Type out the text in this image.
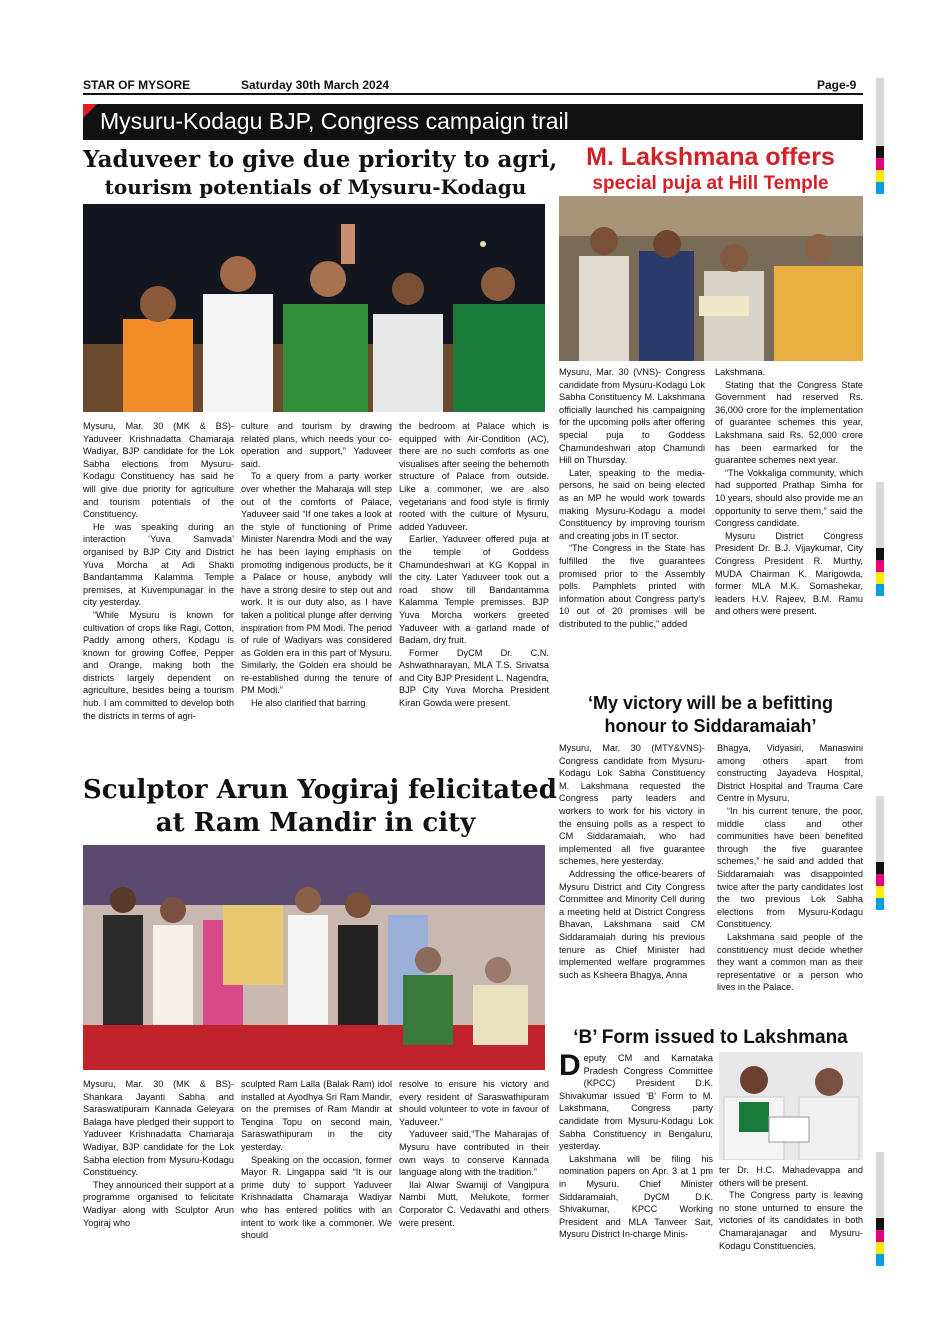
STAR OF MYSORE	Saturday 30th March 2024	Page-9
Mysuru-Kodagu BJP, Congress campaign trail
Yaduveer to give due priority to agri,
tourism potentials of Mysuru-Kodagu

Mysuru, Mar. 30 (MK & BS)- Yaduveer Krishnadatta Chamaraja Wadiyar, BJP candidate for the Lok Sabha elections from Mysuru-Kodagu Constituency has said he will give due priority for agriculture and tourism potentials of the Constituency.

He was speaking during an interaction ‘Yuva Samvada’ organised by BJP City and District Yuva Morcha at Adi Shakti Bandantamma Kalamma Temple premises, at Kuvempunagar in the city yesterday.

“While Mysuru is known for cultivation of crops like Ragi, Cotton, Paddy among others, Kodagu is known for growing Coffee, Pepper and Orange, making both the districts largely dependent on agriculture, besides being a tourism hub. I am committed to develop both the districts in terms of agri-

culture and tourism by drawing related plans, which needs your co-operation and support,” Yaduveer said.

To a query from a party worker over whether the Maharaja will step out of the comforts of Palace, Yaduveer said “If one takes a look at the style of functioning of Prime Minister Narendra Modi and the way he has been laying emphasis on promoting indigenous products, be it a Palace or house, anybody will have a strong desire to step out and work. It is our duty also, as I have taken a political plunge after deriving inspiration from PM Modi. The period of rule of Wadiyars was considered as Golden era in this part of Mysuru. Similarly, the Golden era should be re-established during the tenure of PM Modi.”

He also clarified that barring

the bedroom at Palace which is equipped with Air-Condition (AC), there are no such comforts as one visualises after seeing the behemoth structure of Palace from outside. Like a commoner, we are also vegetarians and food style is firmly rooted with the culture of Mysuru, added Yaduveer.

Earlier, Yaduveer offered puja at the temple of Goddess Chamundeshwari at KG Koppal in the city. Later Yaduveer took out a road show till Bandantamma Kalamma Temple premisses. BJP Yuva Morcha workers greeted Yaduveer with a garland made of Badam, dry fruit.

Former DyCM Dr. C.N. Ashwathnarayan, MLA T.S. Srivatsa and City BJP President L. Nagendra, BJP City Yuva Morcha President Kiran Gowda were present.

M. Lakshmana offers
special puja at Hill Temple

Mysuru, Mar. 30 (VNS)- Congress candidate from Mysuru-Kodagu Lok Sabha Constituency M. Lakshmana officially launched his campaigning for the upcoming polls after offering special puja to Goddess Chamundeshwari atop Chamundi Hill on Thursday.

Later, speaking to the media-persons, he said on being elected as an MP he would work towards making Mysuru-Kodagu a model Constituency by improving tourism and creating jobs in IT sector.

“The Congress in the State has fulfilled the five guarantees promised prior to the Assembly polls. Pamphlets printed with information about Congress party’s 10 out of 20 promises will be distributed to the public,” added

Lakshmana.

Stating that the Congress State Government had reserved Rs. 36,000 crore for the implementation of guarantee schemes this year, Lakshmana said Rs. 52,000 crore has been earmarked for the guarantee schemes next year.

“The Vokkaliga community, which had supported Prathap Simha for 10 years, should also provide me an opportunity to serve them,” said the Congress candidate.

Mysuru District Congress President Dr. B.J. Vijaykumar, City Congress President R. Murthy, MUDA Chairman K. Marigowda, former MLA M.K. Somashekar, leaders H.V. Rajeev, B.M. Ramu and others were present.

‘My victory will be a befitting
honour to Siddaramaiah’

Mysuru, Mar. 30 (MTY&VNS)- Congress candidate from Mysuru-Kodagu Lok Sabha Constituency M. Lakshmana requested the Congress party leaders and workers to work for his victory in the ensuing polls as a respect to CM Siddaramaiah, who had implemented all five guarantee schemes, here yesterday.

Addressing the office-bearers of Mysuru District and City Congress Committee and Minority Cell during a meeting held at District Congress Bhavan, Lakshmana said CM Siddaramaiah during his previous tenure as Chief Minister had implemented welfare programmes such as Ksheera Bhagya, Anna

Bhagya, Vidyasiri, Manaswini among others apart from constructing Jayadeva Hospital, District Hospital and Trauma Care Centre in Mysuru.

“In his current tenure, the poor, middle class and other communities have been benefited through the five guarantee schemes,” he said and added that Siddaramaiah was disappointed twice after the party candidates lost the two previous Lok Sabha elections from Mysuru-Kodagu Constituency.

Lakshmana said people of the constituency must decide whether they want a common man as their representative or a person who lives in the Palace.

Sculptor Arun Yogiraj felicitated
at Ram Mandir in city

Mysuru, Mar. 30 (MK & BS)- Shankara Jayanti Sabha and Saraswatipuram Kannada Geleyara Balaga have pledged their support to Yaduveer Krishnadatta Chamaraja Wadiyar, BJP candidate for the Lok Sabha election from Mysuru-Kodagu Constituency.

They announced their support at a programme organised to felicitate Wadiyar along with Sculptor Arun Yogiraj who

sculpted Ram Lalla (Balak Ram) idol installed at Ayodhya Sri Ram Mandir, on the premises of Ram Mandir at Tengina Topu on second main, Saraswathipuram in the city yesterday.

Speaking on the occasion, former Mayor R. Lingappa said “It is our prime duty to support Yaduveer Krishnadatta Chamaraja Wadiyar who has entered politics with an intent to work like a commoner. We should

resolve to ensure his victory and every resident of Saraswathipuram should volunteer to vote in favour of Yaduveer.”

Yaduveer said,“The Maharajas of Mysuru have contributed in their own ways to conserve Kannada language along with the tradition.”

Ilai Alwar Swamiji of Vangipura Nambi Mutt, Melukote, former Corporator C. Vedavathi and others were present.

‘B’ Form issued to Lakshmana
D eputy CM and Karnataka Pradesh Congress Committee (KPCC) President D.K. Shivakumar issued ‘B’ Form to M. Lakshmana, Congress party candidate from Mysuru-Kodagu Lok Sabha Constituency in Bengaluru, yesterday.

Lakshmana will be filing his nomination papers on Apr. 3 at 1 pm in Mysuru. Chief Minister Siddaramaiah, DyCM D.K. Shivakumar, KPCC Working President and MLA Tanveer Sait, Mysuru District In-charge Minis-

ter Dr. H.C. Mahadevappa and others will be present.

The Congress party is leaving no stone unturned to ensure the victories of its candidates in both Chamarajanagar and Mysuru-Kodagu Constituencies.
